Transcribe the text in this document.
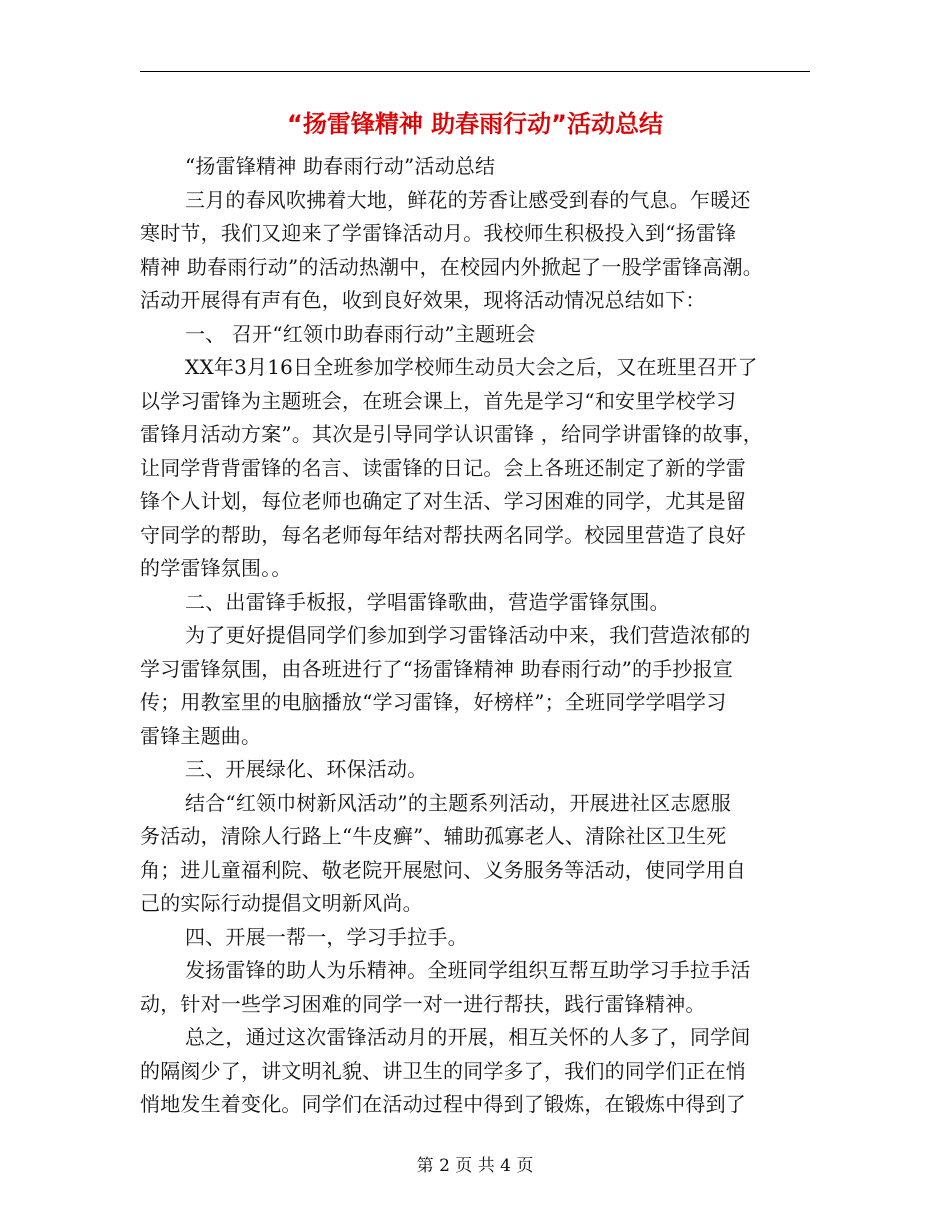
“扬雷锋精神 助春雨行动”活动总结
“扬雷锋精神 助春雨行动”活动总结
三月的春风吹拂着大地，鲜花的芳香让感受到春的气息。乍暖还
寒时节，我们又迎来了学雷锋活动月。我校师生积极投入到“扬雷锋
精神 助春雨行动”的活动热潮中，在校园内外掀起了一股学雷锋高潮。
活动开展得有声有色，收到良好效果，现将活动情况总结如下：
一、 召开“红领巾助春雨行动”主题班会
XX年3月16日全班参加学校师生动员大会之后，又在班里召开了
以学习雷锋为主题班会，在班会课上，首先是学习“和安里学校学习
雷锋月活动方案”。其次是引导同学认识雷锋 ，给同学讲雷锋的故事，
让同学背背雷锋的名言、读雷锋的日记。会上各班还制定了新的学雷
锋个人计划，每位老师也确定了对生活、学习困难的同学，尤其是留
守同学的帮助，每名老师每年结对帮扶两名同学。校园里营造了良好
的学雷锋氛围。。
二、出雷锋手板报，学唱雷锋歌曲，营造学雷锋氛围。
为了更好提倡同学们参加到学习雷锋活动中来，我们营造浓郁的
学习雷锋氛围，由各班进行了“扬雷锋精神 助春雨行动”的手抄报宣
传；用教室里的电脑播放“学习雷锋，好榜样”；全班同学学唱学习
雷锋主题曲。
三、开展绿化、环保活动。
结合“红领巾树新风活动”的主题系列活动，开展进社区志愿服
务活动，清除人行路上“牛皮癣”、辅助孤寡老人、清除社区卫生死
角；进儿童福利院、敬老院开展慰问、义务服务等活动，使同学用自
己的实际行动提倡文明新风尚。
四、开展一帮一，学习手拉手。
发扬雷锋的助人为乐精神。全班同学组织互帮互助学习手拉手活
动，针对一些学习困难的同学一对一进行帮扶，践行雷锋精神。
总之，通过这次雷锋活动月的开展，相互关怀的人多了，同学间
的隔阂少了，讲文明礼貌、讲卫生的同学多了，我们的同学们正在悄
悄地发生着变化。同学们在活动过程中得到了锻炼，在锻炼中得到了
第 2 页 共 4 页
